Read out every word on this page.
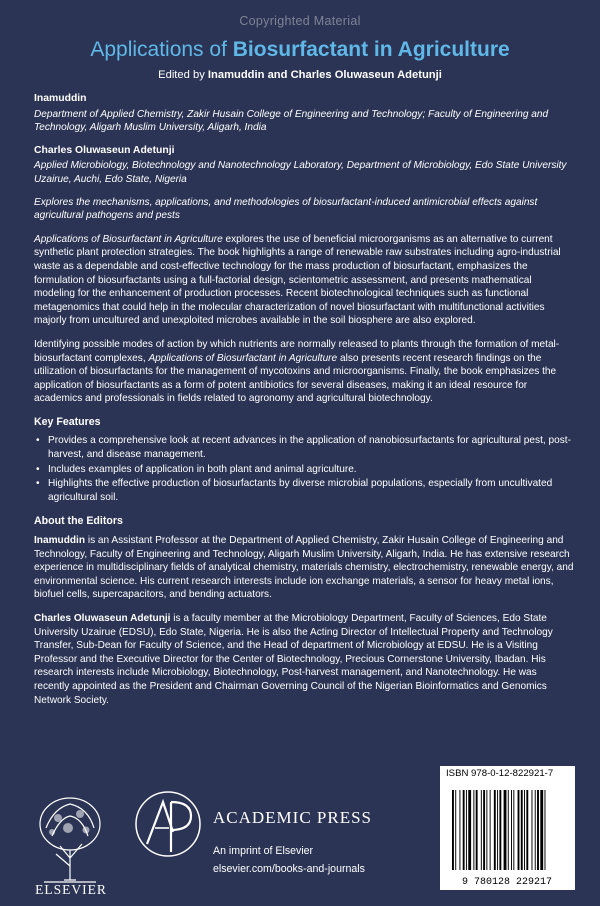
Copyrighted Material
Applications of Biosurfactant in Agriculture
Edited by Inamuddin and Charles Oluwaseun Adetunji
Inamuddin
Department of Applied Chemistry, Zakir Husain College of Engineering and Technology; Faculty of Engineering and Technology, Aligarh Muslim University, Aligarh, India
Charles Oluwaseun Adetunji
Applied Microbiology, Biotechnology and Nanotechnology Laboratory, Department of Microbiology, Edo State University Uzairue, Auchi, Edo State, Nigeria
Explores the mechanisms, applications, and methodologies of biosurfactant-induced antimicrobial effects against agricultural pathogens and pests
Applications of Biosurfactant in Agriculture explores the use of beneficial microorganisms as an alternative to current synthetic plant protection strategies. The book highlights a range of renewable raw substrates including agro-industrial waste as a dependable and cost-effective technology for the mass production of biosurfactant, emphasizes the formulation of biosurfactants using a full-factorial design, scientometric assessment, and presents mathematical modeling for the enhancement of production processes. Recent biotechnological techniques such as functional metagenomics that could help in the molecular characterization of novel biosurfactant with multifunctional activities majorly from uncultured and unexploited microbes available in the soil biosphere are also explored.
Identifying possible modes of action by which nutrients are normally released to plants through the formation of metal-biosurfactant complexes, Applications of Biosurfactant in Agriculture also presents recent research findings on the utilization of biosurfactants for the management of mycotoxins and microorganisms. Finally, the book emphasizes the application of biosurfactants as a form of potent antibiotics for several diseases, making it an ideal resource for academics and professionals in fields related to agronomy and agricultural biotechnology.
Key Features
• Provides a comprehensive look at recent advances in the application of nanobiosurfactants for agricultural pest, post-harvest, and disease management.
• Includes examples of application in both plant and animal agriculture.
• Highlights the effective production of biosurfactants by diverse microbial populations, especially from uncultivated agricultural soil.
About the Editors
Inamuddin is an Assistant Professor at the Department of Applied Chemistry, Zakir Husain College of Engineering and Technology, Faculty of Engineering and Technology, Aligarh Muslim University, Aligarh, India. He has extensive research experience in multidisciplinary fields of analytical chemistry, materials chemistry, electrochemistry, renewable energy, and environmental science. His current research interests include ion exchange materials, a sensor for heavy metal ions, biofuel cells, supercapacitors, and bending actuators.
Charles Oluwaseun Adetunji is a faculty member at the Microbiology Department, Faculty of Sciences, Edo State University Uzairue (EDSU), Edo State, Nigeria. He is also the Acting Director of Intellectual Property and Technology Transfer, Sub-Dean for Faculty of Science, and the Head of department of Microbiology at EDSU. He is a Visiting Professor and the Executive Director for the Center of Biotechnology, Precious Cornerstone University, Ibadan. His research interests include Microbiology, Biotechnology, Post-harvest management, and Nanotechnology. He was recently appointed as the President and Chairman Governing Council of the Nigerian Bioinformatics and Genomics Network Society.
ELSEVIER
ACADEMIC PRESS
An imprint of Elsevier
elsevier.com/books-and-journals
ISBN 978-0-12-822921-7
9 780128 229217
